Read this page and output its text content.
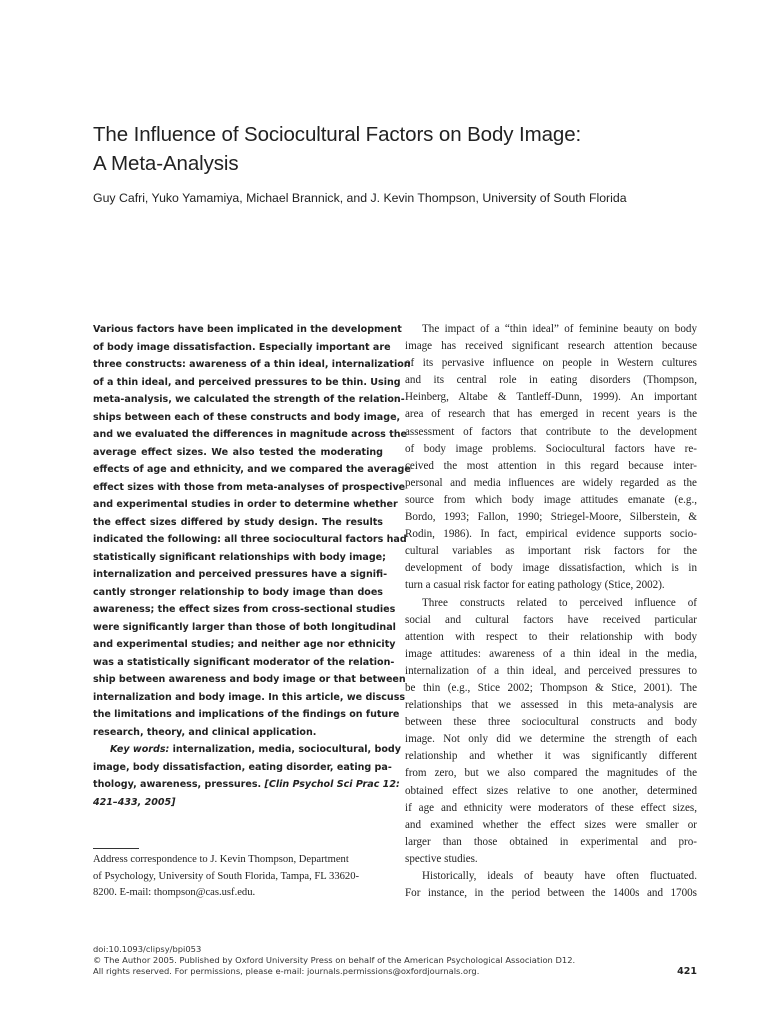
The Influence of Sociocultural Factors on Body Image:
A Meta-Analysis

Guy Cafri, Yuko Yamamiya, Michael Brannick, and J. Kevin Thompson, University of South Florida

Various factors have been implicated in the development
of body image dissatisfaction. Especially important are
three constructs: awareness of a thin ideal, internalization
of a thin ideal, and perceived pressures to be thin. Using
meta-analysis, we calculated the strength of the relation-
ships between each of these constructs and body image,
and we evaluated the differences in magnitude across the
average effect sizes. We also tested the moderating
effects of age and ethnicity, and we compared the average
effect sizes with those from meta-analyses of prospective
and experimental studies in order to determine whether
the effect sizes differed by study design. The results
indicated the following: all three sociocultural factors had
statistically significant relationships with body image;
internalization and perceived pressures have a signifi-
cantly stronger relationship to body image than does
awareness; the effect sizes from cross-sectional studies
were significantly larger than those of both longitudinal
and experimental studies; and neither age nor ethnicity
was a statistically significant moderator of the relation-
ship between awareness and body image or that between
internalization and body image. In this article, we discuss
the limitations and implications of the findings on future
research, theory, and clinical application.
Key words: internalization, media, sociocultural, body
image, body dissatisfaction, eating disorder, eating pa-
thology, awareness, pressures. [Clin Psychol Sci Prac 12:
421–433, 2005]
Address correspondence to J. Kevin Thompson, Department
of Psychology, University of South Florida, Tampa, FL 33620-
8200. E-mail: thompson@cas.usf.edu.
The impact of a “thin ideal” of feminine beauty on body
image has received significant research attention because
of its pervasive influence on people in Western cultures
and its central role in eating disorders (Thompson,
Heinberg, Altabe & Tantleff-Dunn, 1999). An important
area of research that has emerged in recent years is the
assessment of factors that contribute to the development
of body image problems. Sociocultural factors have re-
ceived the most attention in this regard because inter-
personal and media influences are widely regarded as the
source from which body image attitudes emanate (e.g.,
Bordo, 1993; Fallon, 1990; Striegel-Moore, Silberstein, &
Rodin, 1986). In fact, empirical evidence supports socio-
cultural variables as important risk factors for the
development of body image dissatisfaction, which is in
turn a casual risk factor for eating pathology (Stice, 2002).
Three constructs related to perceived influence of
social and cultural factors have received particular
attention with respect to their relationship with body
image attitudes: awareness of a thin ideal in the media,
internalization of a thin ideal, and perceived pressures to
be thin (e.g., Stice 2002; Thompson & Stice, 2001). The
relationships that we assessed in this meta-analysis are
between these three sociocultural constructs and body
image. Not only did we determine the strength of each
relationship and whether it was significantly different
from zero, but we also compared the magnitudes of the
obtained effect sizes relative to one another, determined
if age and ethnicity were moderators of these effect sizes,
and examined whether the effect sizes were smaller or
larger than those obtained in experimental and pro-
spective studies.
Historically, ideals of beauty have often fluctuated.
For instance, in the period between the 1400s and 1700s
doi:10.1093/clipsy/bpi053
© The Author 2005. Published by Oxford University Press on behalf of the American Psychological Association D12.
All rights reserved. For permissions, please e-mail: journals.permissions@oxfordjournals.org.	421
